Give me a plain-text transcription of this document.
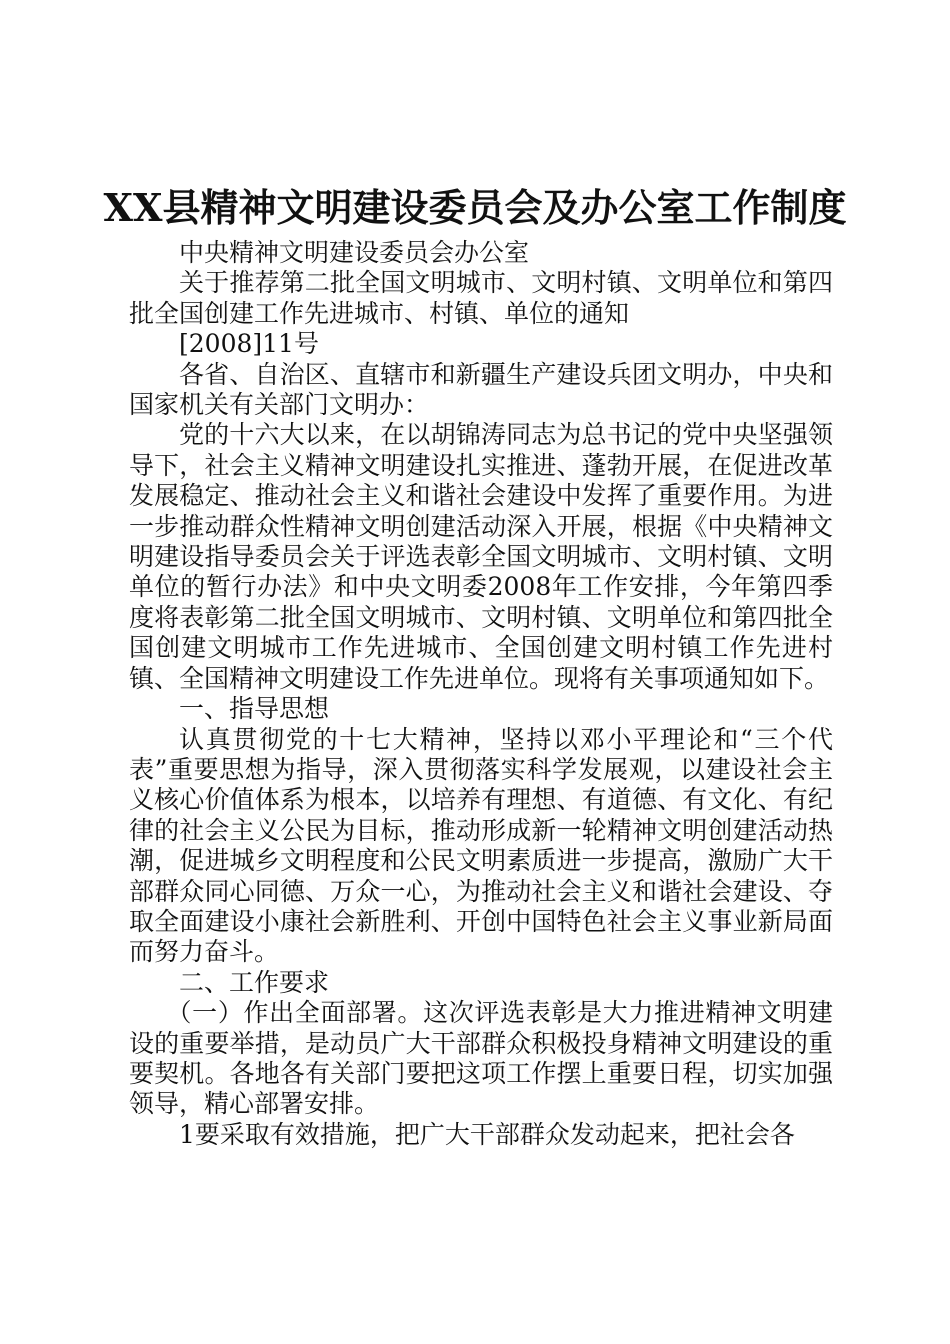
XX县精神文明建设委员会及办公室工作制度

中央精神文明建设委员会办公室

关于推荐第二批全国文明城市、文明村镇、文明单位和第四批全国创建工作先进城市、村镇、单位的通知

[2008]11号

各省、自治区、直辖市和新疆生产建设兵团文明办，中央和国家机关有关部门文明办：

党的十六大以来，在以胡锦涛同志为总书记的党中央坚强领导下，社会主义精神文明建设扎实推进、蓬勃开展，在促进改革发展稳定、推动社会主义和谐社会建设中发挥了重要作用。为进一步推动群众性精神文明创建活动深入开展，根据《中央精神文明建设指导委员会关于评选表彰全国文明城市、文明村镇、文明单位的暂行办法》和中央文明委2008年工作安排，今年第四季度将表彰第二批全国文明城市、文明村镇、文明单位和第四批全国创建文明城市工作先进城市、全国创建文明村镇工作先进村镇、全国精神文明建设工作先进单位。现将有关事项通知如下。

一、指导思想

认真贯彻党的十七大精神，坚持以邓小平理论和“三个代表”重要思想为指导，深入贯彻落实科学发展观，以建设社会主义核心价值体系为根本，以培养有理想、有道德、有文化、有纪律的社会主义公民为目标，推动形成新一轮精神文明创建活动热潮，促进城乡文明程度和公民文明素质进一步提高，激励广大干部群众同心同德、万众一心，为推动社会主义和谐社会建设、夺取全面建设小康社会新胜利、开创中国特色社会主义事业新局面而努力奋斗。

二、工作要求

（一）作出全面部署。这次评选表彰是大力推进精神文明建设的重要举措，是动员广大干部群众积极投身精神文明建设的重要契机。各地各有关部门要把这项工作摆上重要日程，切实加强领导，精心部署安排。

1要采取有效措施，把广大干部群众发动起来，把社会各
